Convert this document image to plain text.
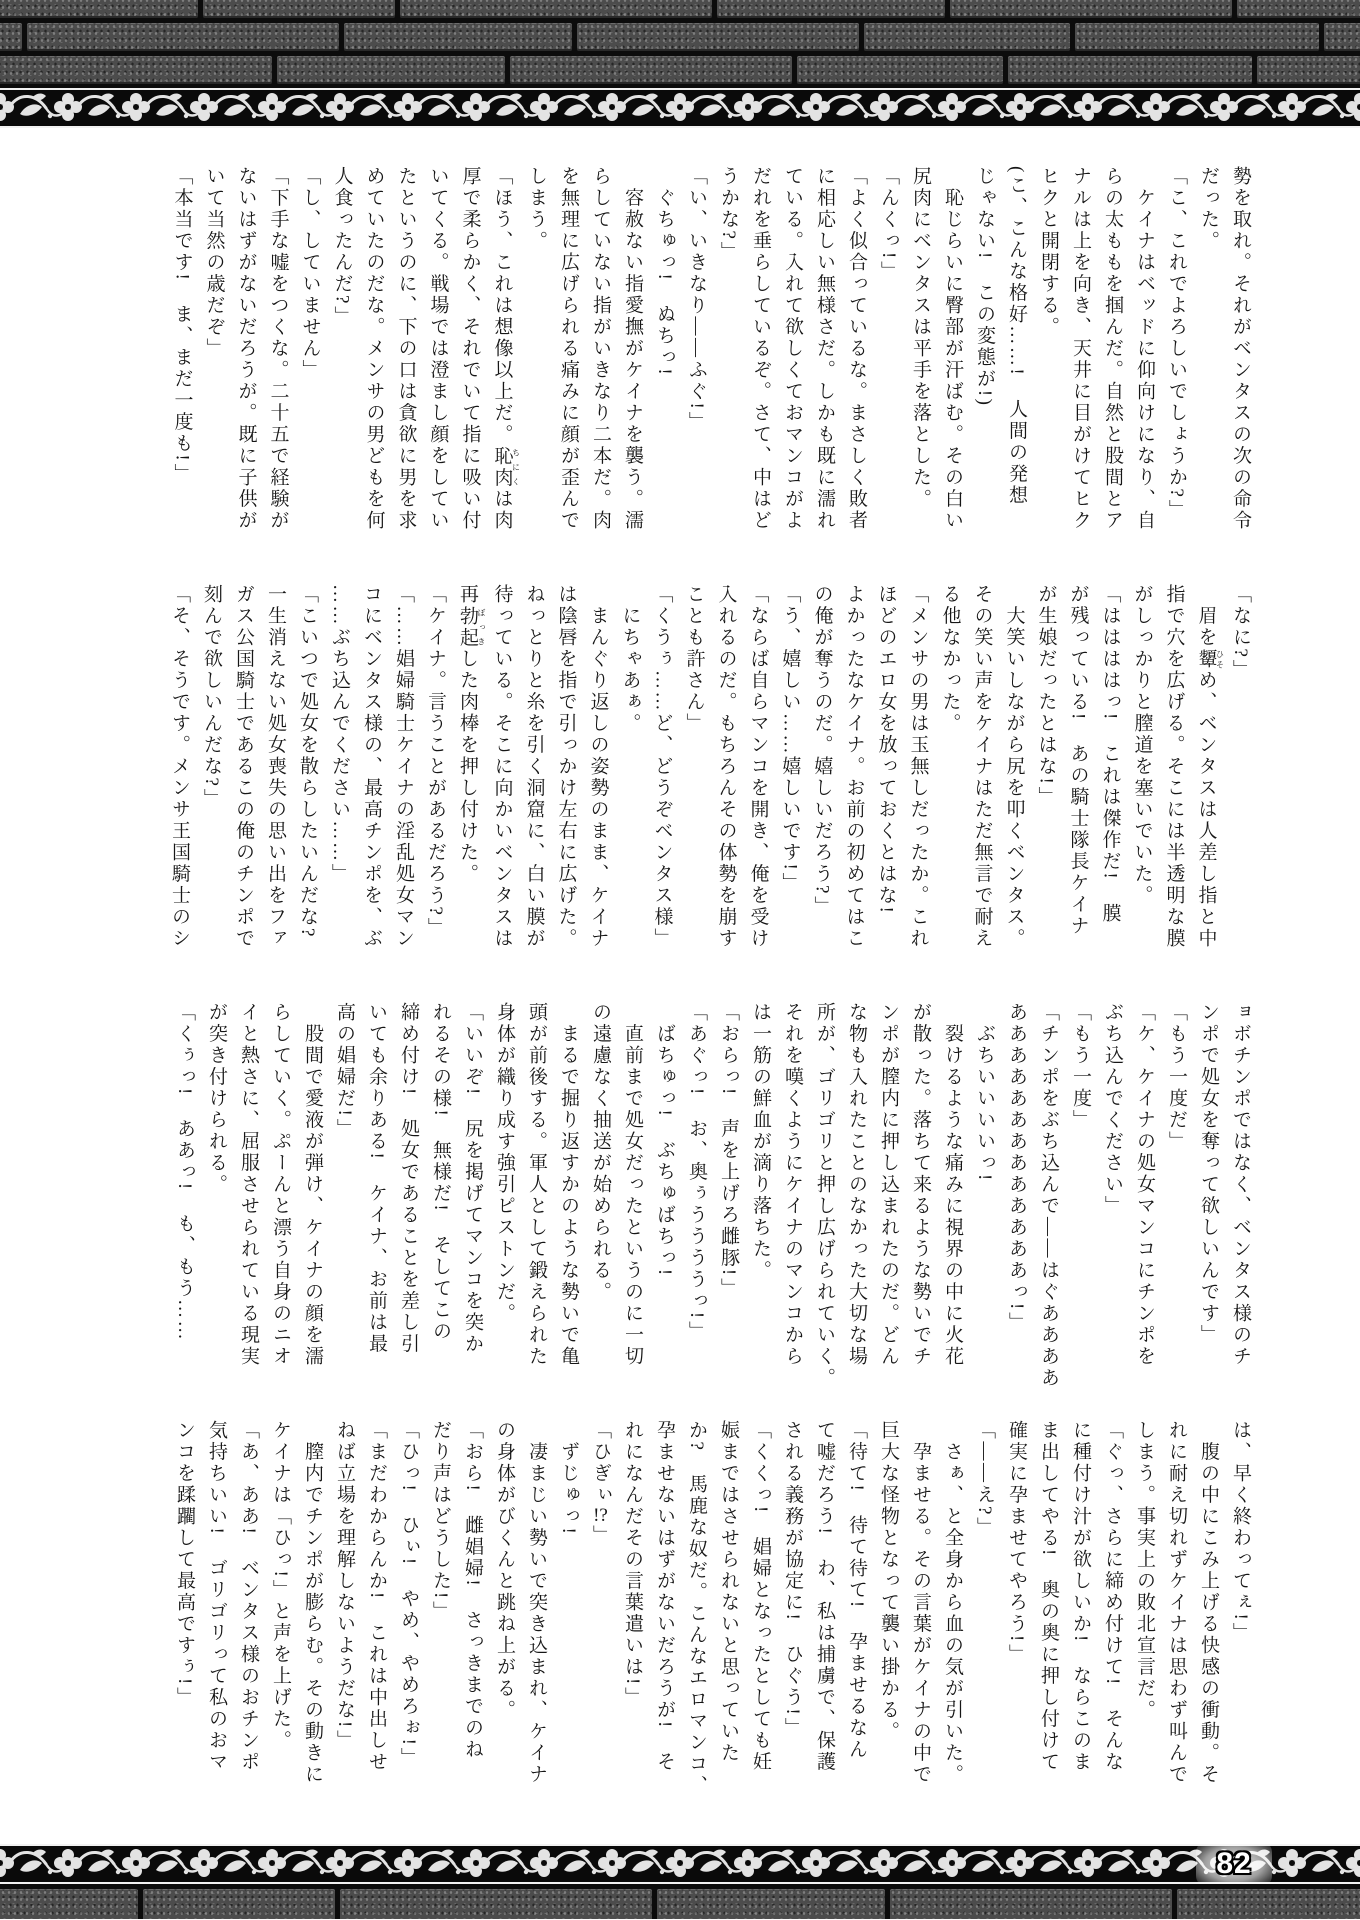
勢を取れ。それがベンタスの次の命令

だった。

「こ、これでよろしいでしょうか?」

　ケイナはベッドに仰向けになり、自

らの太ももを掴んだ。自然と股間とア

ナルは上を向き、天井に目がけてヒク

ヒクと開閉する。

(こ、こんな格好……!　人間の発想

じゃない!　この変態が!)

　恥じらいに臀部が汗ばむ。その白い

尻肉にベンタスは平手を落とした。

「んくっ!」

「よく似合っているな。まさしく敗者

に相応しい無様さだ。しかも既に濡れ

ている。入れて欲しくておマンコがよ

だれを垂らしているぞ。さて、中はど

うかな?」

「い、いきなり——ふぐ!」

　ぐちゅっ!　ぬちっ!

　容赦ない指愛撫がケイナを襲う。濡

らしていない指がいきなり二本だ。肉

を無理に広げられる痛みに顔が歪んで

しまう。

「ほう、これは想像以上だ。恥肉 ちにくは肉

厚で柔らかく、それでいて指に吸い付

いてくる。戦場では澄まし顔をしてい

たというのに、下の口は貪欲に男を求

めていたのだな。メンサの男どもを何

人食ったんだ?」

「し、していません」

「下手な嘘をつくな。二十五で経験が

ないはずがないだろうが。既に子供が

いて当然の歳だぞ」

「本当です!　ま、まだ一度も!」

「なに?」

　眉を顰 ひそめ、ベンタスは人差し指と中

指で穴を広げる。そこには半透明な膜

がしっかりと膣道を塞いでいた。

「ははははっ!　これは傑作だ!　膜

が残っている!　あの騎士隊長ケイナ

が生娘だったとはな!」

　大笑いしながら尻を叩くベンタス。

その笑い声をケイナはただ無言で耐え

る他なかった。

「メンサの男は玉無しだったか。これ

ほどのエロ女を放っておくとはな!

よかったなケイナ。お前の初めてはこ

の俺が奪うのだ。嬉しいだろう?」

「う、嬉しい……嬉しいです!」

「ならば自らマンコを開き、俺を受け

入れるのだ。もちろんその体勢を崩す

ことも許さん」

「くうぅ……ど、どうぞベンタス様」

　にちゃあぁ。

　まんぐり返しの姿勢のまま、ケイナ

は陰唇を指で引っかけ左右に広げた。

ねっとりと糸を引く洞窟に、白い膜が

待っている。そこに向かいベンタスは

再勃起 ぼっきした肉棒を押し付けた。

「ケイナ。言うことがあるだろう?」

「……娼婦騎士ケイナの淫乱処女マン

コにベンタス様の、最高チンポを、ぶ

……ぶち込んでください……」

「こいつで処女を散らしたいんだな?

一生消えない処女喪失の思い出をファ

ガス公国騎士であるこの俺のチンポで

刻んで欲しいんだな?」

「そ、そうです。メンサ王国騎士のシ

ョボチンポではなく、ベンタス様のチ

ンポで処女を奪って欲しいんです」

「もう一度だ」

「ケ、ケイナの処女マンコにチンポを

ぶち込んでください」

「もう一度」

「チンポをぶち込んで——はぐああああ

あああああああああああああっ!」

　ぶちいいいいっ!

　裂けるような痛みに視界の中に火花

が散った。落ちて来るような勢いでチ

ンポが膣内に押し込まれたのだ。どん

な物も入れたことのなかった大切な場

所が、ゴリゴリと押し広げられていく。

それを嘆くようにケイナのマンコから

は一筋の鮮血が滴り落ちた。

「おらっ!　声を上げろ雌豚!」

「あぐっ!　お、奥ぅううううっ!」

　ばちゅっ!　ぶちゅばちっ!

　直前まで処女だったというのに一切

の遠慮なく抽送が始められる。

　まるで掘り返すかのような勢いで亀

頭が前後する。軍人として鍛えられた

身体が織り成す強引ピストンだ。

「いいぞ!　尻を掲げてマンコを突か

れるその様!　無様だ!　そしてこの

締め付け!　処女であることを差し引

いても余りある!　ケイナ、お前は最

高の娼婦だ!」

　股間で愛液が弾け、ケイナの顔を濡

らしていく。ぷーんと漂う自身のニオ

イと熱さに、屈服させられている現実

が突き付けられる。

「くぅっ!　ああっ!　も、もう……

は、早く終わってぇ!」

　腹の中にこみ上げる快感の衝動。そ

れに耐え切れずケイナは思わず叫んで

しまう。事実上の敗北宣言だ。

「ぐっ、さらに締め付けて!　そんな

に種付け汁が欲しいか!　ならこのま

ま出してやる!　奥の奥に押し付けて

確実に孕ませてやろう!」

「——え?」

　さぁ、と全身から血の気が引いた。

　孕ませる。その言葉がケイナの中で

巨大な怪物となって襲い掛かる。

「待て!　待て待て!　孕ませるなん

て嘘だろう!　わ、私は捕虜で、保護

される義務が協定に!　ひぐう!」

「くくっ!　娼婦となったとしても妊

娠まではさせられないと思っていた

か?　馬鹿な奴だ。こんなエロマンコ、

孕ませないはずがないだろうが!　そ

れになんだその言葉遣いは!」

「ひぎぃ!?」

　ずじゅっ!

　凄まじい勢いで突き込まれ、ケイナ

の身体がびくんと跳ね上がる。

「おら!　雌娼婦!　さっきまでのね

だり声はどうした!」

「ひっ!　ひぃ!　やめ、やめろぉ!」

「まだわからんか!　これは中出しせ

ねば立場を理解しないようだな!」

　膣内でチンポが膨らむ。その動きに

ケイナは「ひっ!」と声を上げた。

「あ、ああ!　ベンタス様のおチンポ

気持ちいい!　ゴリゴリって私のおマ

ンコを蹂躙して最高ですぅ!」

82
